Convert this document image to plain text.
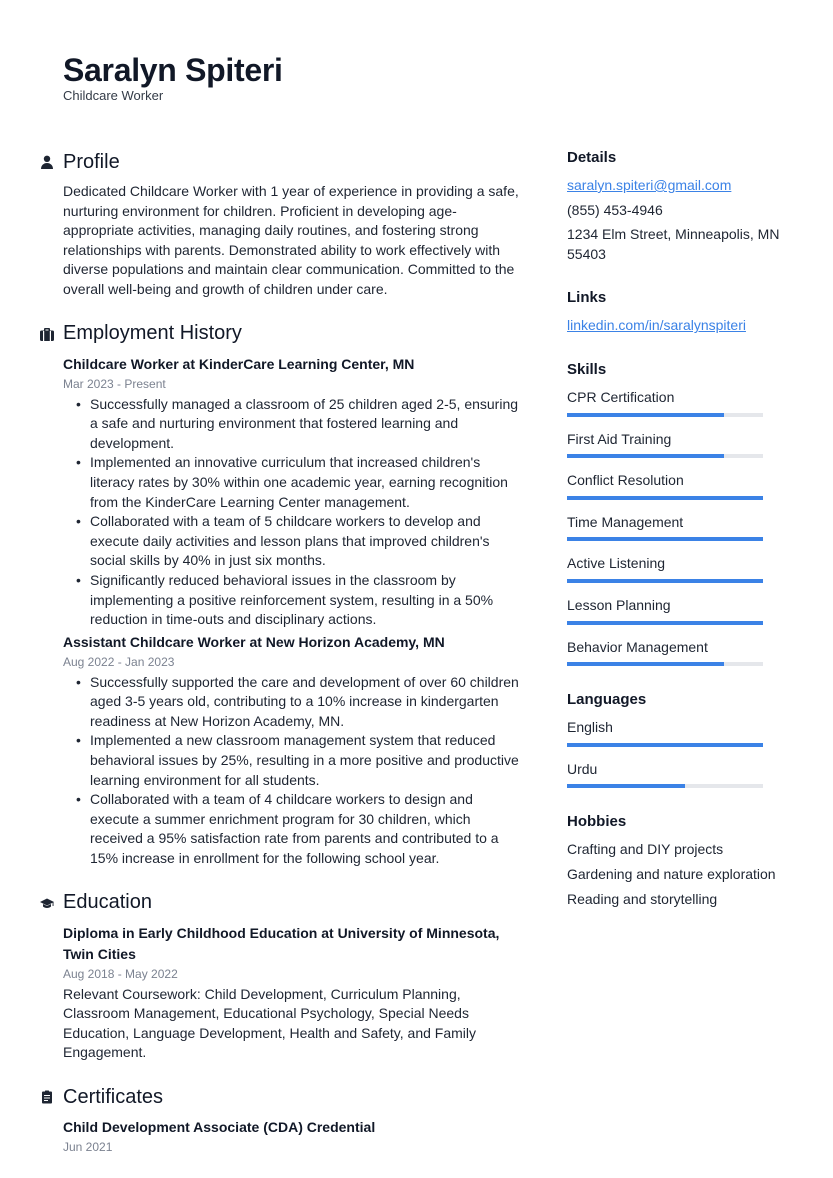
Saralyn Spiteri
Childcare Worker
Profile

Dedicated Childcare Worker with 1 year of experience in providing a safe, nurturing environment for children. Proficient in developing age-appropriate activities, managing daily routines, and fostering strong relationships with parents. Demonstrated ability to work effectively with diverse populations and maintain clear communication. Committed to the overall well-being and growth of children under care.

Employment History
Childcare Worker at KinderCare Learning Center, MN
Mar 2023 - Present
• Successfully managed a classroom of 25 children aged 2-5, ensuring a safe and nurturing environment that fostered learning and development.
• Implemented an innovative curriculum that increased children's literacy rates by 30% within one academic year, earning recognition from the KinderCare Learning Center management.
• Collaborated with a team of 5 childcare workers to develop and execute daily activities and lesson plans that improved children's social skills by 40% in just six months.
• Significantly reduced behavioral issues in the classroom by implementing a positive reinforcement system, resulting in a 50% reduction in time-outs and disciplinary actions.
Assistant Childcare Worker at New Horizon Academy, MN
Aug 2022 - Jan 2023
• Successfully supported the care and development of over 60 children aged 3-5 years old, contributing to a 10% increase in kindergarten readiness at New Horizon Academy, MN.
• Implemented a new classroom management system that reduced behavioral issues by 25%, resulting in a more positive and productive learning environment for all students.
• Collaborated with a team of 4 childcare workers to design and execute a summer enrichment program for 30 children, which received a 95% satisfaction rate from parents and contributed to a 15% increase in enrollment for the following school year.
Education
Diploma in Early Childhood Education at University of Minnesota, Twin Cities
Aug 2018 - May 2022

Relevant Coursework: Child Development, Curriculum Planning, Classroom Management, Educational Psychology, Special Needs Education, Language Development, Health and Safety, and Family Engagement.

Certificates
Child Development Associate (CDA) Credential
Jun 2021
Details
saralyn.spiteri@gmail.com
(855) 453-4946
1234 Elm Street, Minneapolis, MN 55403
Links
linkedin.com/in/saralynspiteri
Skills
CPR Certification
First Aid Training
Conflict Resolution
Time Management
Active Listening
Lesson Planning
Behavior Management
Languages
English
Urdu
Hobbies
Crafting and DIY projects
Gardening and nature exploration
Reading and storytelling
